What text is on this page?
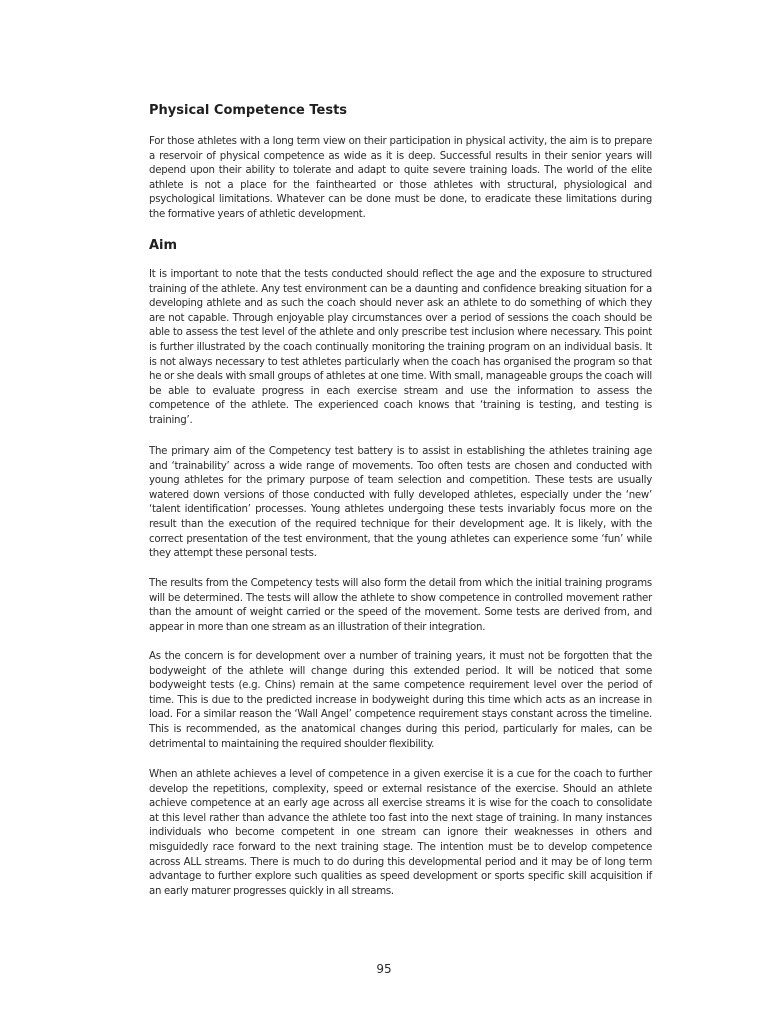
Physical Competence Tests

For those athletes with a long term view on their participation in physical activity, the aim is to prepare a reservoir of physical competence as wide as it is deep. Successful results in their senior years will depend upon their ability to tolerate and adapt to quite severe training loads. The world of the elite athlete is not a place for the fainthearted or those athletes with structural, physiological and psychological limitations. Whatever can be done must be done, to eradicate these limitations during the formative years of athletic development.

Aim

It is important to note that the tests conducted should reflect the age and the exposure to structured training of the athlete. Any test environment can be a daunting and confidence breaking situation for a developing athlete and as such the coach should never ask an athlete to do something of which they are not capable. Through enjoyable play circumstances over a period of sessions the coach should be able to assess the test level of the athlete and only prescribe test inclusion where necessary. This point is further illustrated by the coach continually monitoring the training program on an individual basis. It is not always necessary to test athletes particularly when the coach has organised the program so that he or she deals with small groups of athletes at one time. With small, manageable groups the coach will be able to evaluate progress in each exercise stream and use the information to assess the competence of the athlete. The experienced coach knows that ‘training is testing, and testing is training’.

The primary aim of the Competency test battery is to assist in establishing the athletes training age and ‘trainability’ across a wide range of movements. Too often tests are chosen and conducted with young athletes for the primary purpose of team selection and competition. These tests are usually watered down versions of those conducted with fully developed athletes, especially under the ‘new’ ‘talent identification’ processes. Young athletes undergoing these tests invariably focus more on the result than the execution of the required technique for their development age. It is likely, with the correct presentation of the test environment, that the young athletes can experience some ‘fun’ while they attempt these personal tests.

The results from the Competency tests will also form the detail from which the initial training programs will be determined. The tests will allow the athlete to show competence in controlled movement rather than the amount of weight carried or the speed of the movement. Some tests are derived from, and appear in more than one stream as an illustration of their integration.

As the concern is for development over a number of training years, it must not be forgotten that the bodyweight of the athlete will change during this extended period. It will be noticed that some bodyweight tests (e.g. Chins) remain at the same competence requirement level over the period of time. This is due to the predicted increase in bodyweight during this time which acts as an increase in load. For a similar reason the ‘Wall Angel’ competence requirement stays constant across the timeline. This is recommended, as the anatomical changes during this period, particularly for males, can be detrimental to maintaining the required shoulder flexibility.

When an athlete achieves a level of competence in a given exercise it is a cue for the coach to further develop the repetitions, complexity, speed or external resistance of the exercise. Should an athlete achieve competence at an early age across all exercise streams it is wise for the coach to consolidate at this level rather than advance the athlete too fast into the next stage of training. In many instances individuals who become competent in one stream can ignore their weaknesses in others and misguidedly race forward to the next training stage. The intention must be to develop competence across ALL streams. There is much to do during this developmental period and it may be of long term advantage to further explore such qualities as speed development or sports specific skill acquisition if an early maturer progresses quickly in all streams.

95
